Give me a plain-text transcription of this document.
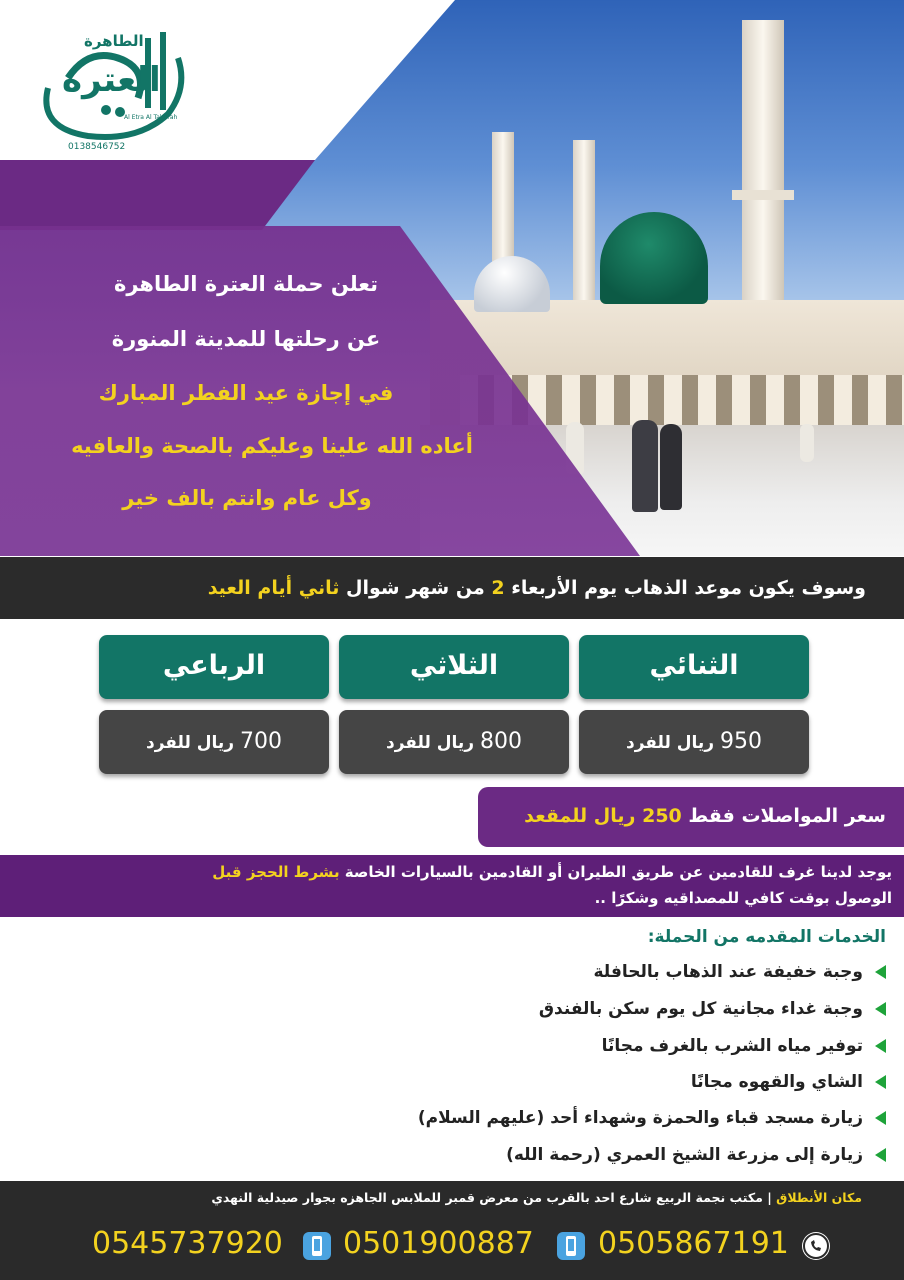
الطاهرة
العترة
Al Etra Al Taherah
0138546752
تعلن حملة العترة الطاهرة
عن رحلتها للمدينة المنورة
في إجازة عيد الفطر المبارك
أعاده الله علينا وعليكم بالصحة والعافيه
وكل عام وانتم بالف خير
وسوف يكون موعد الذهاب يوم الأربعاء 2 من شهر شوال ثاني أيام العيد
الثنائي
الثلاثي
الرباعي
950 ريال للفرد
800 ريال للفرد
700 ريال للفرد
سعر المواصلات فقط 250 ريال للمقعد
يوجد لدينا غرف للقادمين عن طريق الطيران أو القادمين بالسيارات الخاصة بشرط الحجز قبل
الوصول بوقت كافي للمصداقيه وشكرًا ..
الخدمات المقدمه من الحملة:
وجبة خفيفة عند الذهاب بالحافلة
وجبة غداء مجانية كل يوم سكن بالفندق
توفير مياه الشرب بالغرف مجانًا
الشاي والقهوه مجانًا
زيارة مسجد قباء والحمزة وشهداء أحد (عليهم السلام)
زيارة إلى مزرعة الشيخ العمري (رحمة الله)
مكان الأنطلاق | مكتب نجمة الربيع شارع احد بالقرب من معرض قمبر للملابس الجاهزه بجوار صيدلية النهدي
0505867191
0501900887
0545737920
